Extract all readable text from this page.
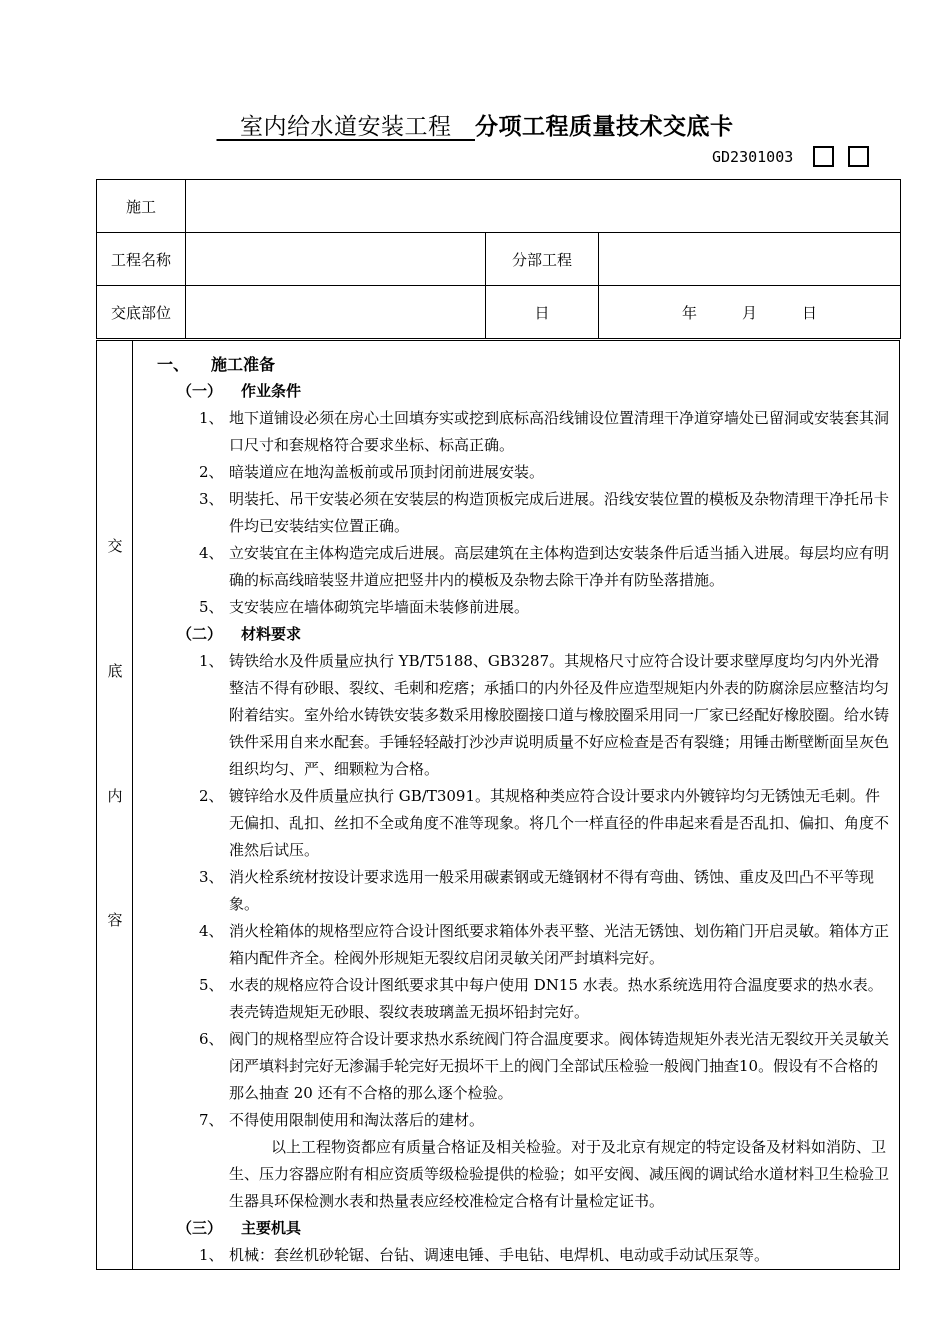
　室内给水道安装工程　分项工程质量技术交底卡
GD2301003
施工			
工程名称		分部工程	
交底部位		日	年　　　月　　　日
交
底
内
容
一、 施工准备
（一） 作业条件

1、 地下道铺设必须在房心土回填夯实或挖到底标高沿线铺设位置清理干净道穿墙处已留洞或安装套其洞口尺寸和套规格符合要求坐标、标高正确。

2、 暗装道应在地沟盖板前或吊顶封闭前进展安装。

3、 明装托、吊干安装必须在安装层的构造顶板完成后进展。沿线安装位置的模板及杂物清理干净托吊卡件均已安装结实位置正确。

4、 立安装宜在主体构造完成后进展。高层建筑在主体构造到达安装条件后适当插入进展。每层均应有明确的标高线暗装竖井道应把竖井内的模板及杂物去除干净并有防坠落措施。

5、 支安装应在墙体砌筑完毕墙面未装修前进展。

（二） 材料要求

1、 铸铁给水及件质量应执行 YB/T5188、GB3287。其规格尺寸应符合设计要求壁厚度均匀内外光滑整洁不得有砂眼、裂纹、毛刺和疙瘩；承插口的内外径及件应造型规矩内外表的防腐涂层应整洁均匀附着结实。室外给水铸铁安装多数采用橡胶圈接口道与橡胶圈采用同一厂家已经配好橡胶圈。给水铸铁件采用自来水配套。手锤轻轻敲打沙沙声说明质量不好应检查是否有裂缝；用锤击断壁断面呈灰色组织均匀、严、细颗粒为合格。

2、 镀锌给水及件质量应执行 GB/T3091。其规格种类应符合设计要求内外镀锌均匀无锈蚀无毛刺。件无偏扣、乱扣、丝扣不全或角度不准等现象。将几个一样直径的件串起来看是否乱扣、偏扣、角度不准然后试压。

3、 消火栓系统材按设计要求选用一般采用碳素钢或无缝钢材不得有弯曲、锈蚀、重皮及凹凸不平等现象。

4、 消火栓箱体的规格型应符合设计图纸要求箱体外表平整、光洁无锈蚀、划伤箱门开启灵敏。箱体方正箱内配件齐全。栓阀外形规矩无裂纹启闭灵敏关闭严封填料完好。

5、 水表的规格应符合设计图纸要求其中每户使用 DN15 水表。热水系统选用符合温度要求的热水表。表壳铸造规矩无砂眼、裂纹表玻璃盖无损坏铅封完好。

6、 阀门的规格型应符合设计要求热水系统阀门符合温度要求。阀体铸造规矩外表光洁无裂纹开关灵敏关闭严填料封完好无渗漏手轮完好无损坏干上的阀门全部试压检验一般阀门抽查10。假设有不合格的那么抽查 20 还有不合格的那么逐个检验。

7、 不得使用限制使用和淘汰落后的建材。

以上工程物资都应有质量合格证及相关检验。对于及北京有规定的特定设备及材料如消防、卫生、压力容器应附有相应资质等级检验提供的检验；如平安阀、减压阀的调试给水道材料卫生检验卫生器具环保检测水表和热量表应经校准检定合格有计量检定证书。

（三） 主要机具

1、 机械：套丝机砂轮锯、台钻、调速电锤、手电钻、电焊机、电动或手动试压泵等。
